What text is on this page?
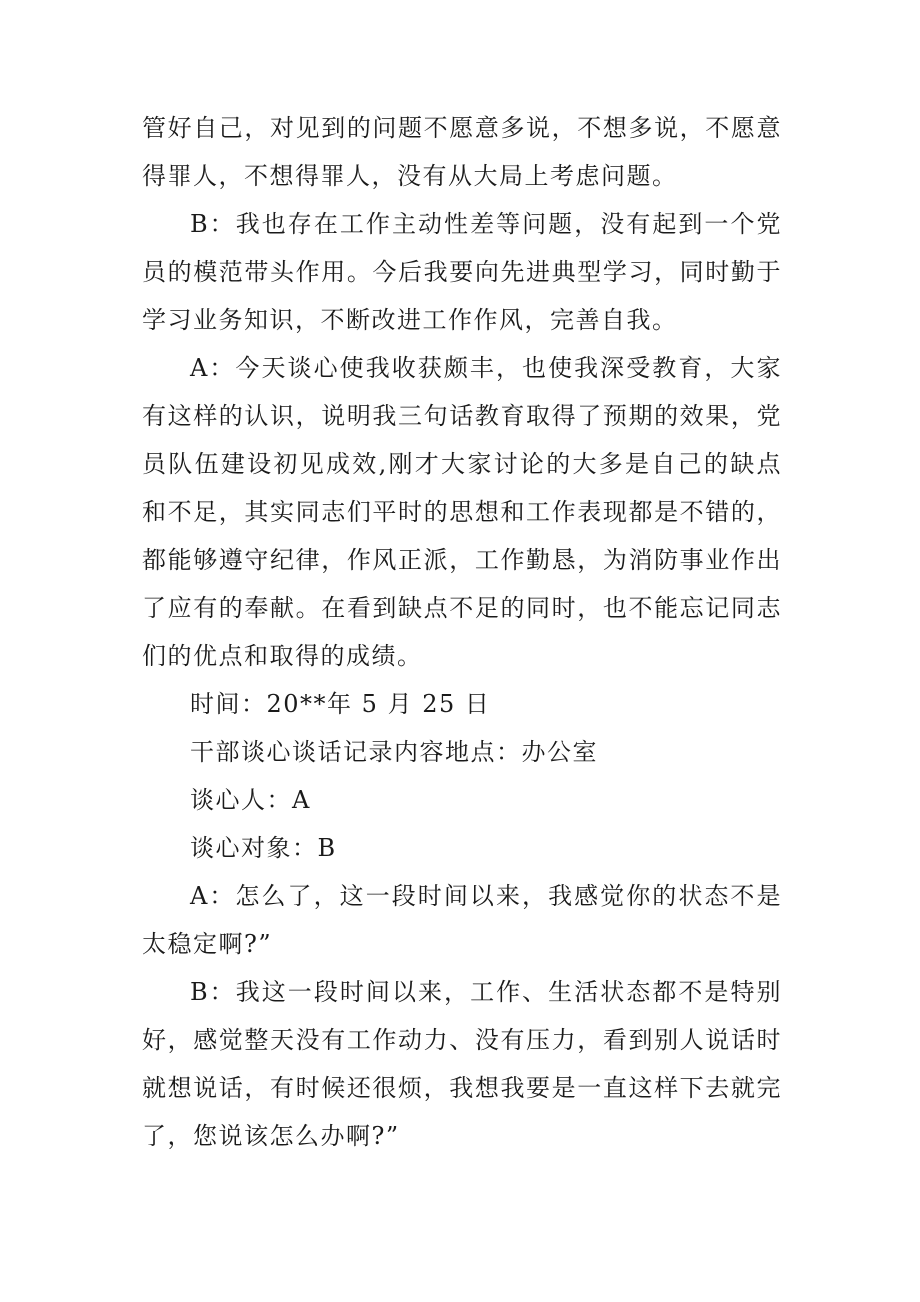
管好自己，对见到的问题不愿意多说，不想多说，不愿意得罪人，不想得罪人，没有从大局上考虑问题。

B：我也存在工作主动性差等问题，没有起到一个党员的模范带头作用。今后我要向先进典型学习，同时勤于学习业务知识，不断改进工作作风，完善自我。

A：今天谈心使我收获颇丰，也使我深受教育，大家有这样的认识，说明我三句话教育取得了预期的效果，党员队伍建设初见成效,刚才大家讨论的大多是自己的缺点和不足，其实同志们平时的思想和工作表现都是不错的，都能够遵守纪律，作风正派，工作勤恳，为消防事业作出了应有的奉献。在看到缺点不足的同时，也不能忘记同志们的优点和取得的成绩。

时间：20**年 5 月 25 日

干部谈心谈话记录内容地点：办公室

谈心人：A

谈心对象：B

A：怎么了，这一段时间以来，我感觉你的状态不是太稳定啊?”

B：我这一段时间以来，工作、生活状态都不是特别好，感觉整天没有工作动力、没有压力，看到别人说话时就想说话，有时候还很烦，我想我要是一直这样下去就完了，您说该怎么办啊?”
